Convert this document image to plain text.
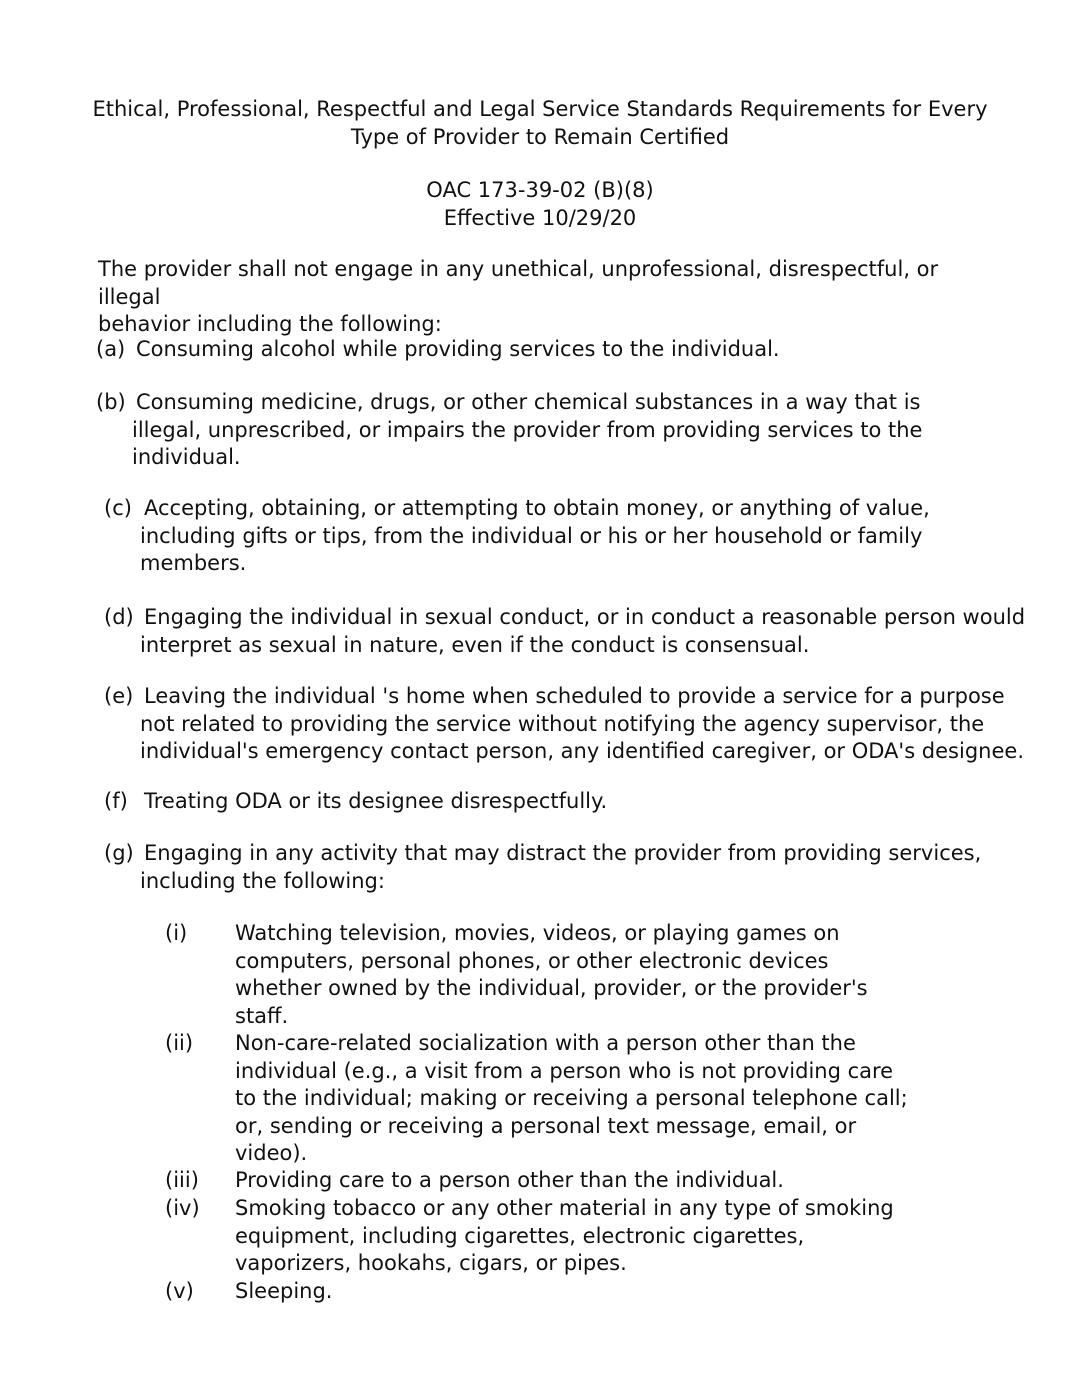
Ethical, Professional, Respectful and Legal Service Standards Requirements for Every
Type of Provider to Remain Certified
OAC 173-39-02 (B)(8)
Effective 10/29/20
The provider shall not engage in any unethical, unprofessional, disrespectful, or illegal
behavior including the following:
(a) Consuming alcohol while providing services to the individual.
(b) Consuming medicine, drugs, or other chemical substances in a way that is
illegal, unprescribed, or impairs the provider from providing services to the
individual.
(c) Accepting, obtaining, or attempting to obtain money, or anything of value,
including gifts or tips, from the individual or his or her household or family
members.
(d) Engaging the individual in sexual conduct, or in conduct a reasonable person would
interpret as sexual in nature, even if the conduct is consensual.
(e) Leaving the individual 's home when scheduled to provide a service for a purpose
not related to providing the service without notifying the agency supervisor, the
individual's emergency contact person, any identified caregiver, or ODA's designee.
(f) Treating ODA or its designee disrespectfully.
(g) Engaging in any activity that may distract the provider from providing services,
including the following:
(i) Watching television, movies, videos, or playing games on
computers, personal phones, or other electronic devices
whether owned by the individual, provider, or the provider's
staff.
(ii) Non-care-related socialization with a person other than the
individual (e.g., a visit from a person who is not providing care
to the individual; making or receiving a personal telephone call;
or, sending or receiving a personal text message, email, or
video).
(iii) Providing care to a person other than the individual.
(iv) Smoking tobacco or any other material in any type of smoking
equipment, including cigarettes, electronic cigarettes,
vaporizers, hookahs, cigars, or pipes.
(v) Sleeping.
